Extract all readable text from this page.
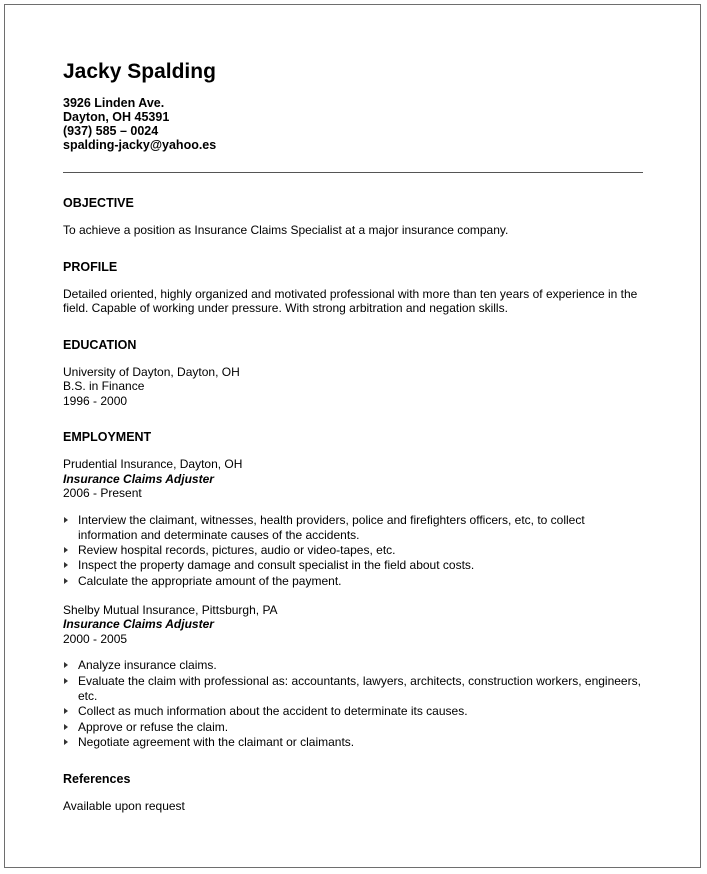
Jacky Spalding
3926 Linden Ave.
Dayton, OH 45391
(937) 585 – 0024
spalding-jacky@yahoo.es
OBJECTIVE
To achieve a position as Insurance Claims Specialist at a major insurance company.
PROFILE
Detailed oriented, highly organized and motivated professional with more than ten years of experience in the field. Capable of working under pressure. With strong arbitration and negation skills.
EDUCATION
University of Dayton, Dayton, OH
B.S. in Finance
1996 - 2000
EMPLOYMENT
Prudential Insurance, Dayton, OH
Insurance Claims Adjuster
2006 - Present
Interview the claimant, witnesses, health providers, police and firefighters officers, etc, to collect information and determinate causes of the accidents.
Review hospital records, pictures, audio or video-tapes, etc.
Inspect the property damage and consult specialist in the field about costs.
Calculate the appropriate amount of the payment.
Shelby Mutual Insurance, Pittsburgh, PA
Insurance Claims Adjuster
2000 - 2005
Analyze insurance claims.
Evaluate the claim with professional as: accountants, lawyers, architects, construction workers, engineers, etc.
Collect as much information about the accident to determinate its causes.
Approve or refuse the claim.
Negotiate agreement with the claimant or claimants.
References
Available upon request
